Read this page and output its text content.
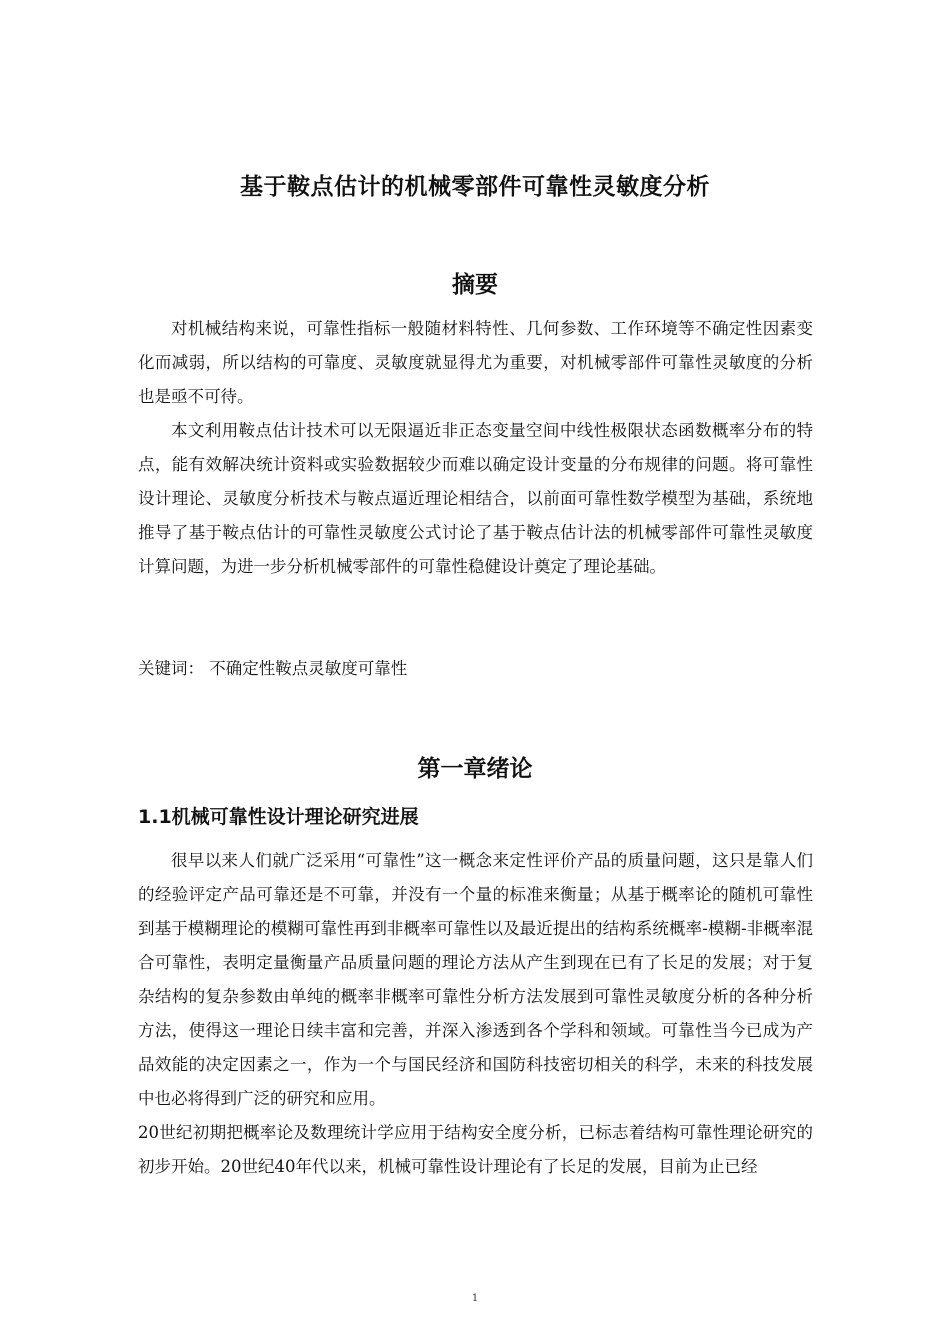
基于鞍点估计的机械零部件可靠性灵敏度分析
摘要

对机械结构来说，可靠性指标一般随材料特性、几何参数、工作环境等不确定性因素变化而减弱，所以结构的可靠度、灵敏度就显得尤为重要，对机械零部件可靠性灵敏度的分析也是亟不可待。

本文利用鞍点估计技术可以无限逼近非正态变量空间中线性极限状态函数概率分布的特点，能有效解决统计资料或实验数据较少而难以确定设计变量的分布规律的问题。将可靠性设计理论、灵敏度分析技术与鞍点逼近理论相结合，以前面可靠性数学模型为基础，系统地推导了基于鞍点估计的可靠性灵敏度公式讨论了基于鞍点估计法的机械零部件可靠性灵敏度计算问题，为进一步分析机械零部件的可靠性稳健设计奠定了理论基础。

关键词： 不确定性鞍点灵敏度可靠性

第一章绪论
1.1机械可靠性设计理论研究进展

很早以来人们就广泛采用“可靠性”这一概念来定性评价产品的质量问题，这只是靠人们的经验评定产品可靠还是不可靠，并没有一个量的标准来衡量；从基于概率论的随机可靠性到基于模糊理论的模糊可靠性再到非概率可靠性以及最近提出的结构系统概率-模糊-非概率混合可靠性，表明定量衡量产品质量问题的理论方法从产生到现在已有了长足的发展；对于复杂结构的复杂参数由单纯的概率非概率可靠性分析方法发展到可靠性灵敏度分析的各种分析方法，使得这一理论日续丰富和完善，并深入渗透到各个学科和领域。可靠性当今已成为产品效能的决定因素之一，作为一个与国民经济和国防科技密切相关的科学，未来的科技发展中也必将得到广泛的研究和应用。

20世纪初期把概率论及数理统计学应用于结构安全度分析，已标志着结构可靠性理论研究的初步开始。20世纪40年代以来，机械可靠性设计理论有了长足的发展，目前为止已经

1
